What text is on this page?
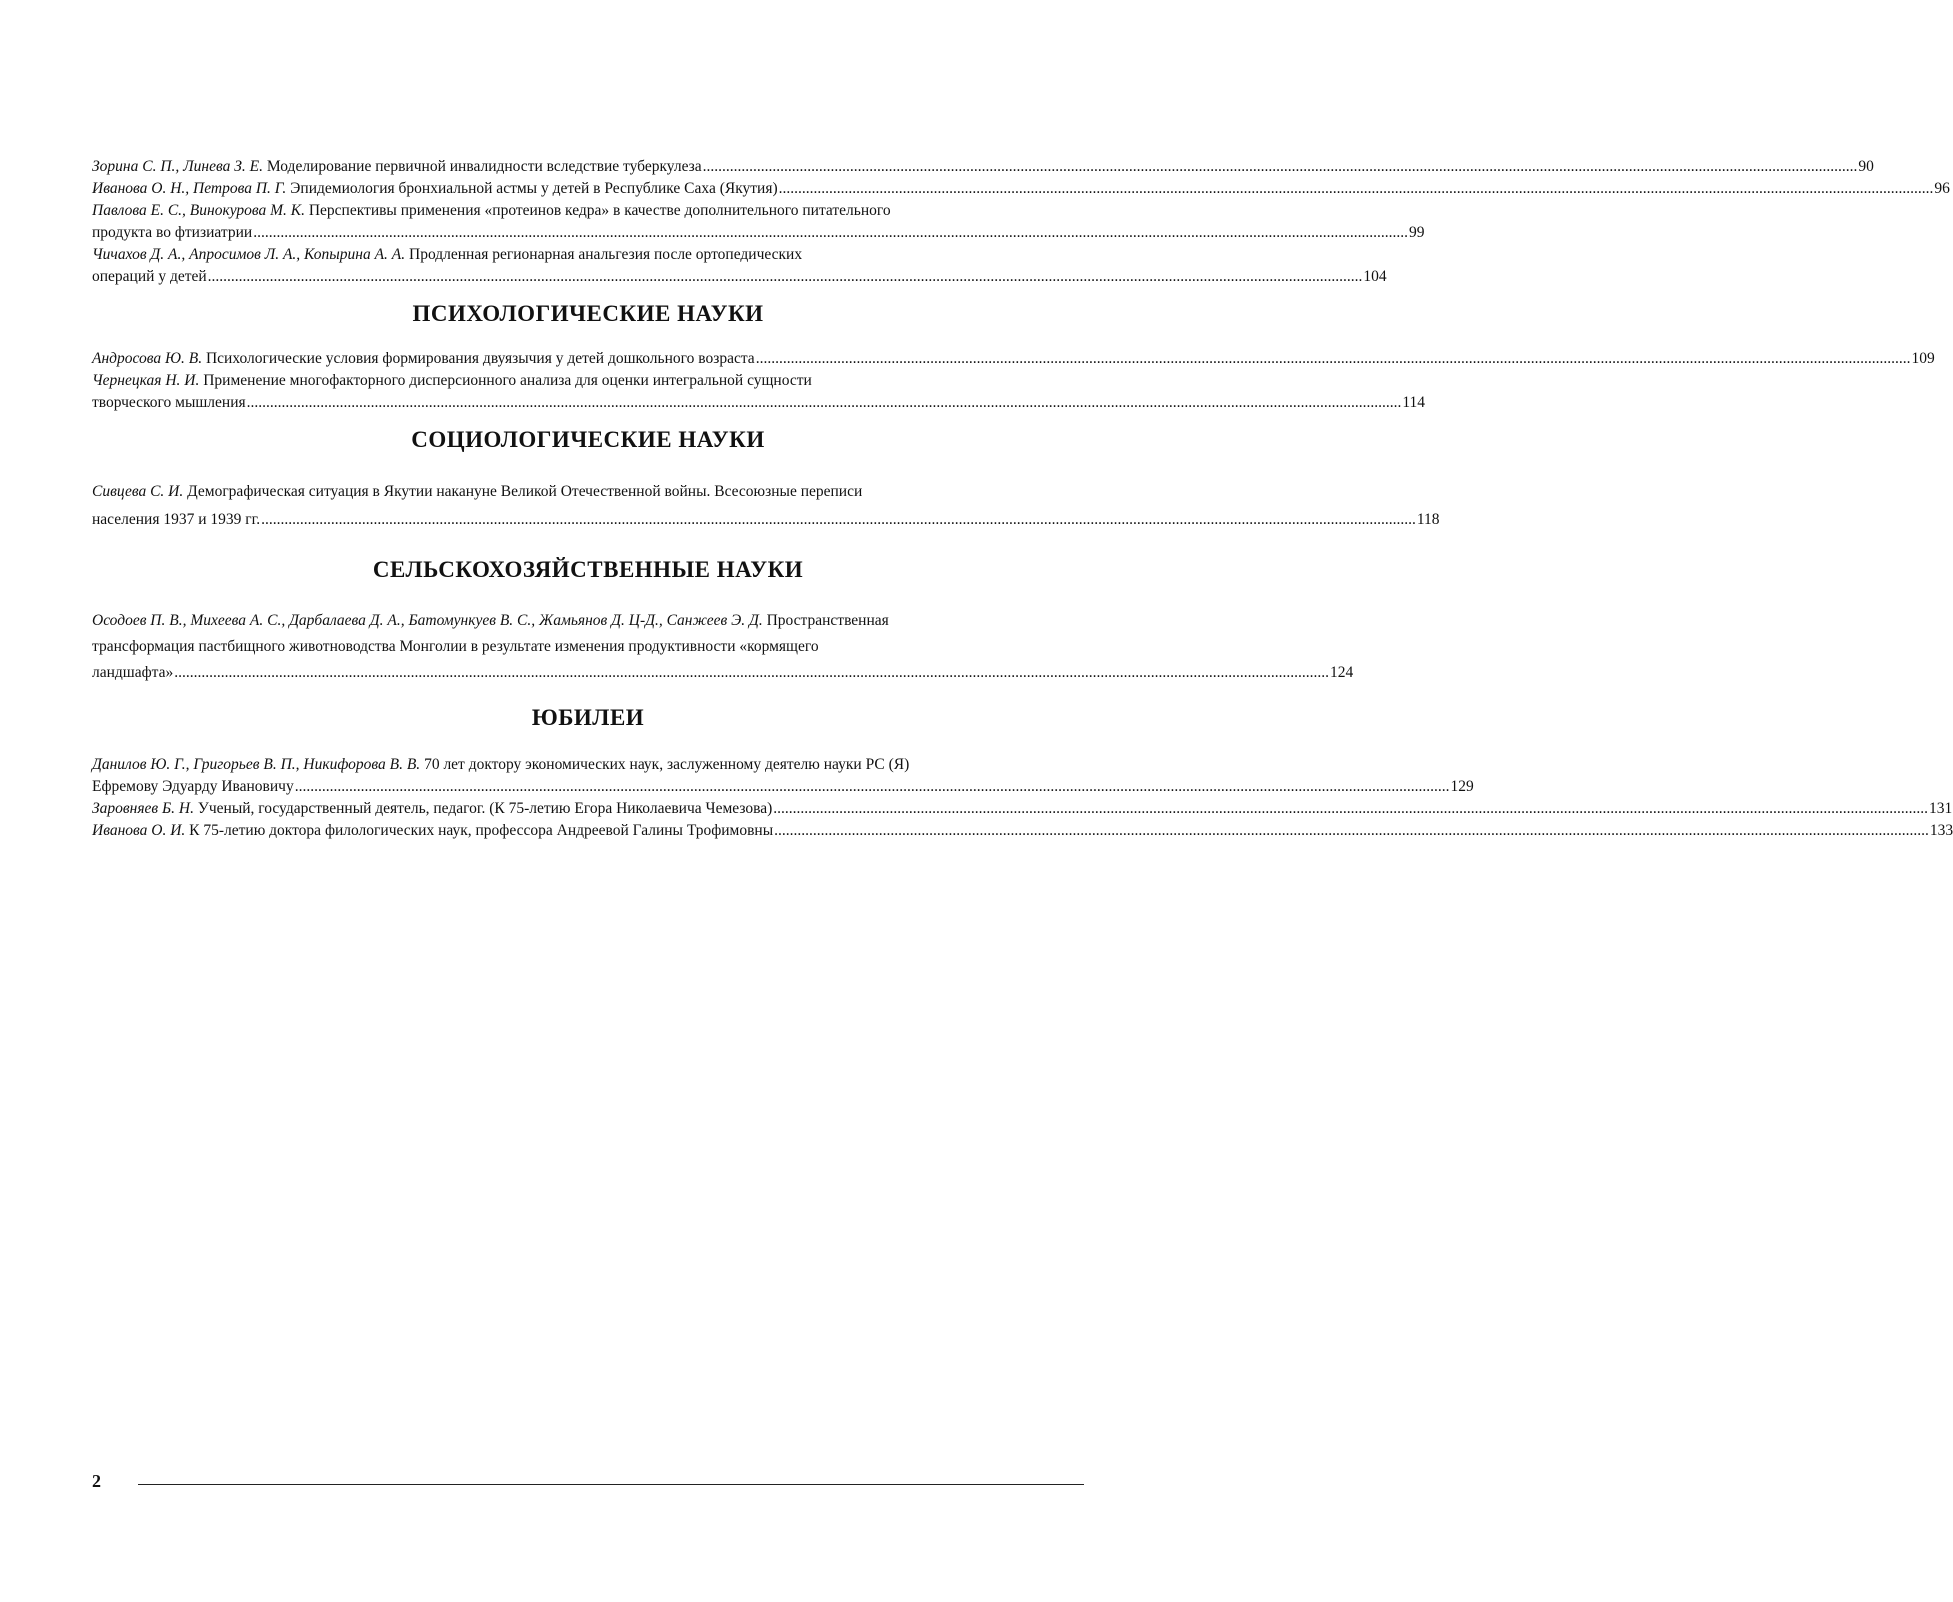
Зорина С. П., Линева З. Е. Моделирование первичной инвалидности вследствие туберкулеза .....	90
Иванова О. Н., Петрова П. Г. Эпидемиология бронхиальной астмы у детей в Республике Саха (Якутия) .....	96
Павлова Е. С., Винокурова М. К. Перспективы применения «протеинов кедра» в качестве дополнительного питательного
продукта во фтизиатрии .....	99
Чичахов Д. А., Апросимов Л. А., Копырина А. А. Продленная регионарная анальгезия после ортопедических
операций у детей .....	104
ПСИХОЛОГИЧЕСКИЕ НАУКИ
Андросова Ю. В. Психологические условия формирования двуязычия у детей дошкольного возраста .....	109
Чернецкая Н. И. Применение многофакторного дисперсионного анализа для оценки интегральной сущности
творческого мышления .....	114
СОЦИОЛОГИЧЕСКИЕ НАУКИ
Сивцева С. И. Демографическая ситуация в Якутии накануне Великой Отечественной войны. Всесоюзные переписи
населения 1937 и 1939 гг. .....	118
СЕЛЬСКОХОЗЯЙСТВЕННЫЕ НАУКИ
Осодоев П. В., Михеева А. С., Дарбалаева Д. А., Батомункуев В. С., Жамьянов Д. Ц-Д., Санжеев Э. Д. Пространственная
трансформация пастбищного животноводства Монголии в результате изменения продуктивности «кормящего
ландшафта» .....	124
ЮБИЛЕИ
Данилов Ю. Г., Григорьев В. П., Никифорова В. В. 70 лет доктору экономических наук, заслуженному деятелю науки РС (Я)
Ефремову Эдуарду Ивановичу .....	129
Заровняев Б. Н. Ученый, государственный деятель, педагог. (К 75-летию Егора Николаевича Чемезова) .....	131
Иванова О. И. К 75-летию доктора филологических наук, профессора Андреевой Галины Трофимовны .....	133
2
